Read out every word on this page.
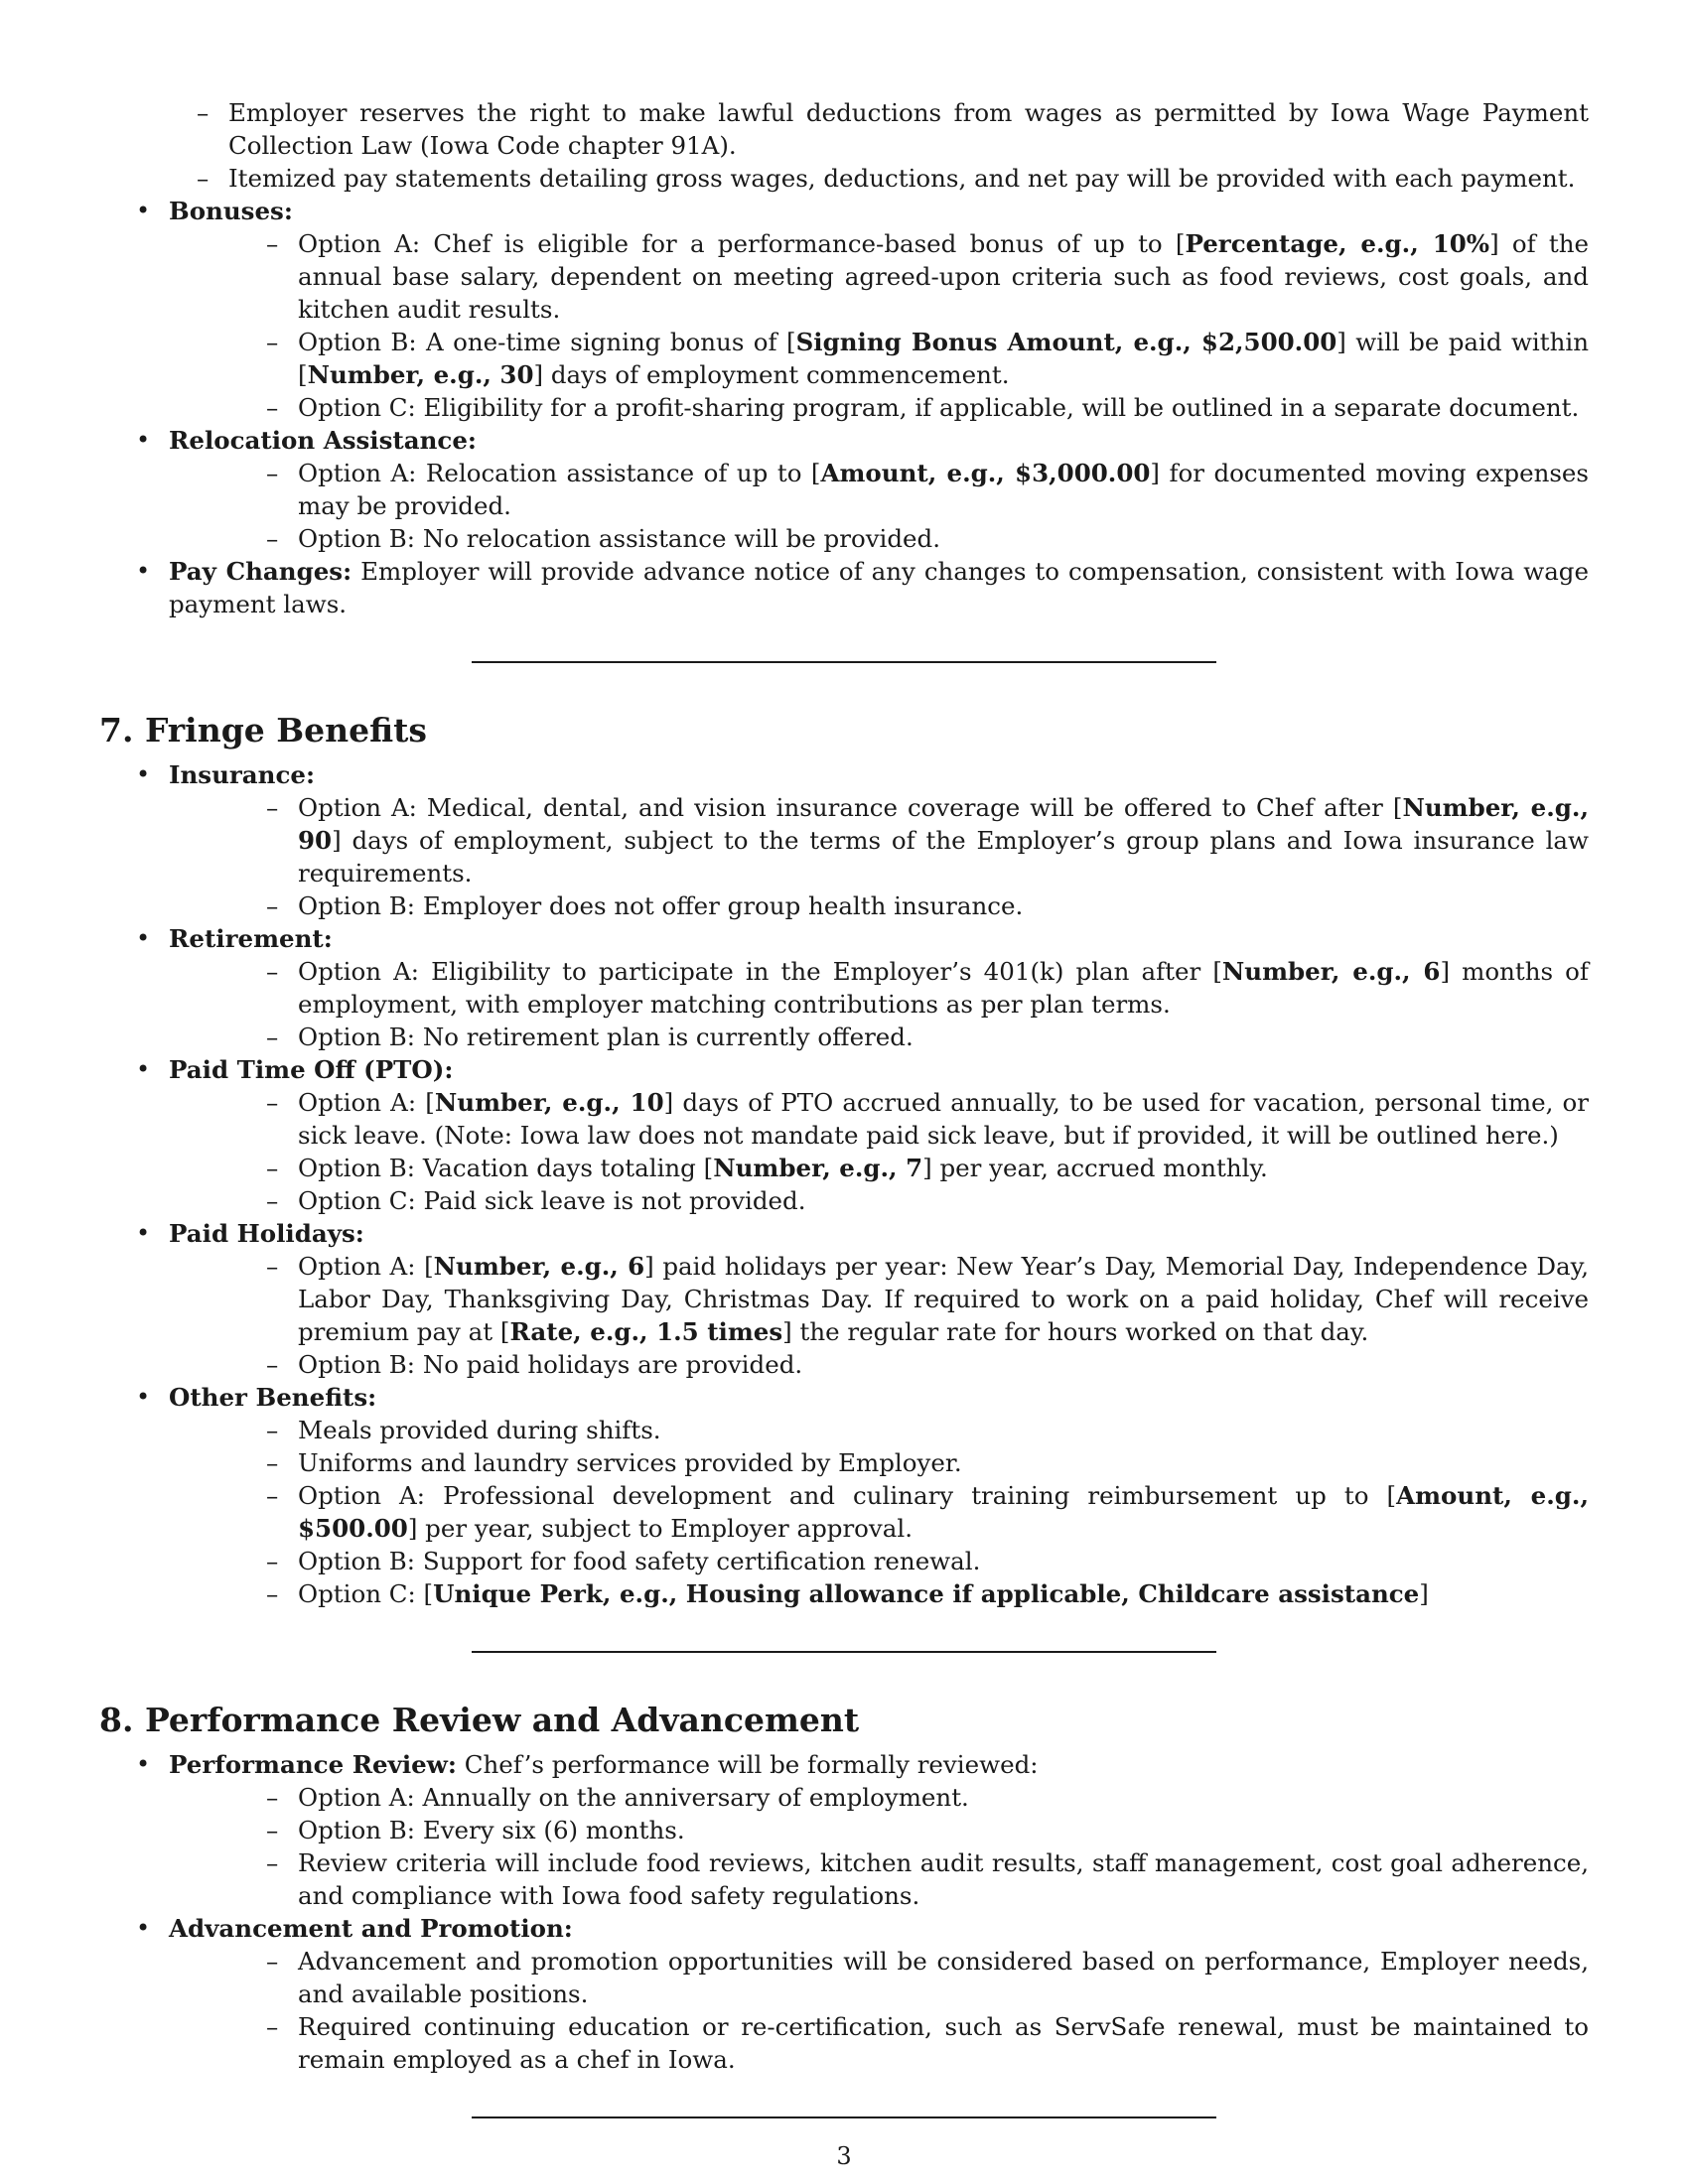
– Employer reserves the right to make lawful deductions from wages as permitted by Iowa Wage Payment Collection Law (Iowa Code chapter 91A).
– Itemized pay statements detailing gross wages, deductions, and net pay will be provided with each payment.
• Bonuses:
– Option A: Chef is eligible for a performance-based bonus of up to [Percentage, e.g., 10%] of the annual base salary, dependent on meeting agreed-upon criteria such as food reviews, cost goals, and kitchen audit results.
– Option B: A one-time signing bonus of [Signing Bonus Amount, e.g., $2,500.00] will be paid within [Number, e.g., 30] days of employment commencement.
– Option C: Eligibility for a profit-sharing program, if applicable, will be outlined in a separate document.
• Relocation Assistance:
– Option A: Relocation assistance of up to [Amount, e.g., $3,000.00] for documented moving expenses may be provided.
– Option B: No relocation assistance will be provided.
• Pay Changes: Employer will provide advance notice of any changes to compensation, consistent with Iowa wage payment laws.
7. Fringe Benefits
• Insurance:
– Option A: Medical, dental, and vision insurance coverage will be offered to Chef after [Number, e.g., 90] days of employment, subject to the terms of the Employer’s group plans and Iowa insurance law requirements.
– Option B: Employer does not offer group health insurance.
• Retirement:
– Option A: Eligibility to participate in the Employer’s 401(k) plan after [Number, e.g., 6] months of employment, with employer matching contributions as per plan terms.
– Option B: No retirement plan is currently offered.
• Paid Time Off (PTO):
– Option A: [Number, e.g., 10] days of PTO accrued annually, to be used for vacation, personal time, or sick leave. (Note: Iowa law does not mandate paid sick leave, but if provided, it will be outlined here.)
– Option B: Vacation days totaling [Number, e.g., 7] per year, accrued monthly.
– Option C: Paid sick leave is not provided.
• Paid Holidays:
– Option A: [Number, e.g., 6] paid holidays per year: New Year’s Day, Memorial Day, Independence Day, Labor Day, Thanksgiving Day, Christmas Day. If required to work on a paid holiday, Chef will receive premium pay at [Rate, e.g., 1.5 times] the regular rate for hours worked on that day.
– Option B: No paid holidays are provided.
• Other Benefits:
– Meals provided during shifts.
– Uniforms and laundry services provided by Employer.
– Option A: Professional development and culinary training reimbursement up to [Amount, e.g., $500.00] per year, subject to Employer approval.
– Option B: Support for food safety certification renewal.
– Option C: [Unique Perk, e.g., Housing allowance if applicable, Childcare assistance]
8. Performance Review and Advancement
• Performance Review: Chef’s performance will be formally reviewed:
– Option A: Annually on the anniversary of employment.
– Option B: Every six (6) months.
– Review criteria will include food reviews, kitchen audit results, staff management, cost goal adherence, and compliance with Iowa food safety regulations.
• Advancement and Promotion:
– Advancement and promotion opportunities will be considered based on performance, Employer needs, and available positions.
– Required continuing education or re-certification, such as ServSafe renewal, must be maintained to remain employed as a chef in Iowa.
3
